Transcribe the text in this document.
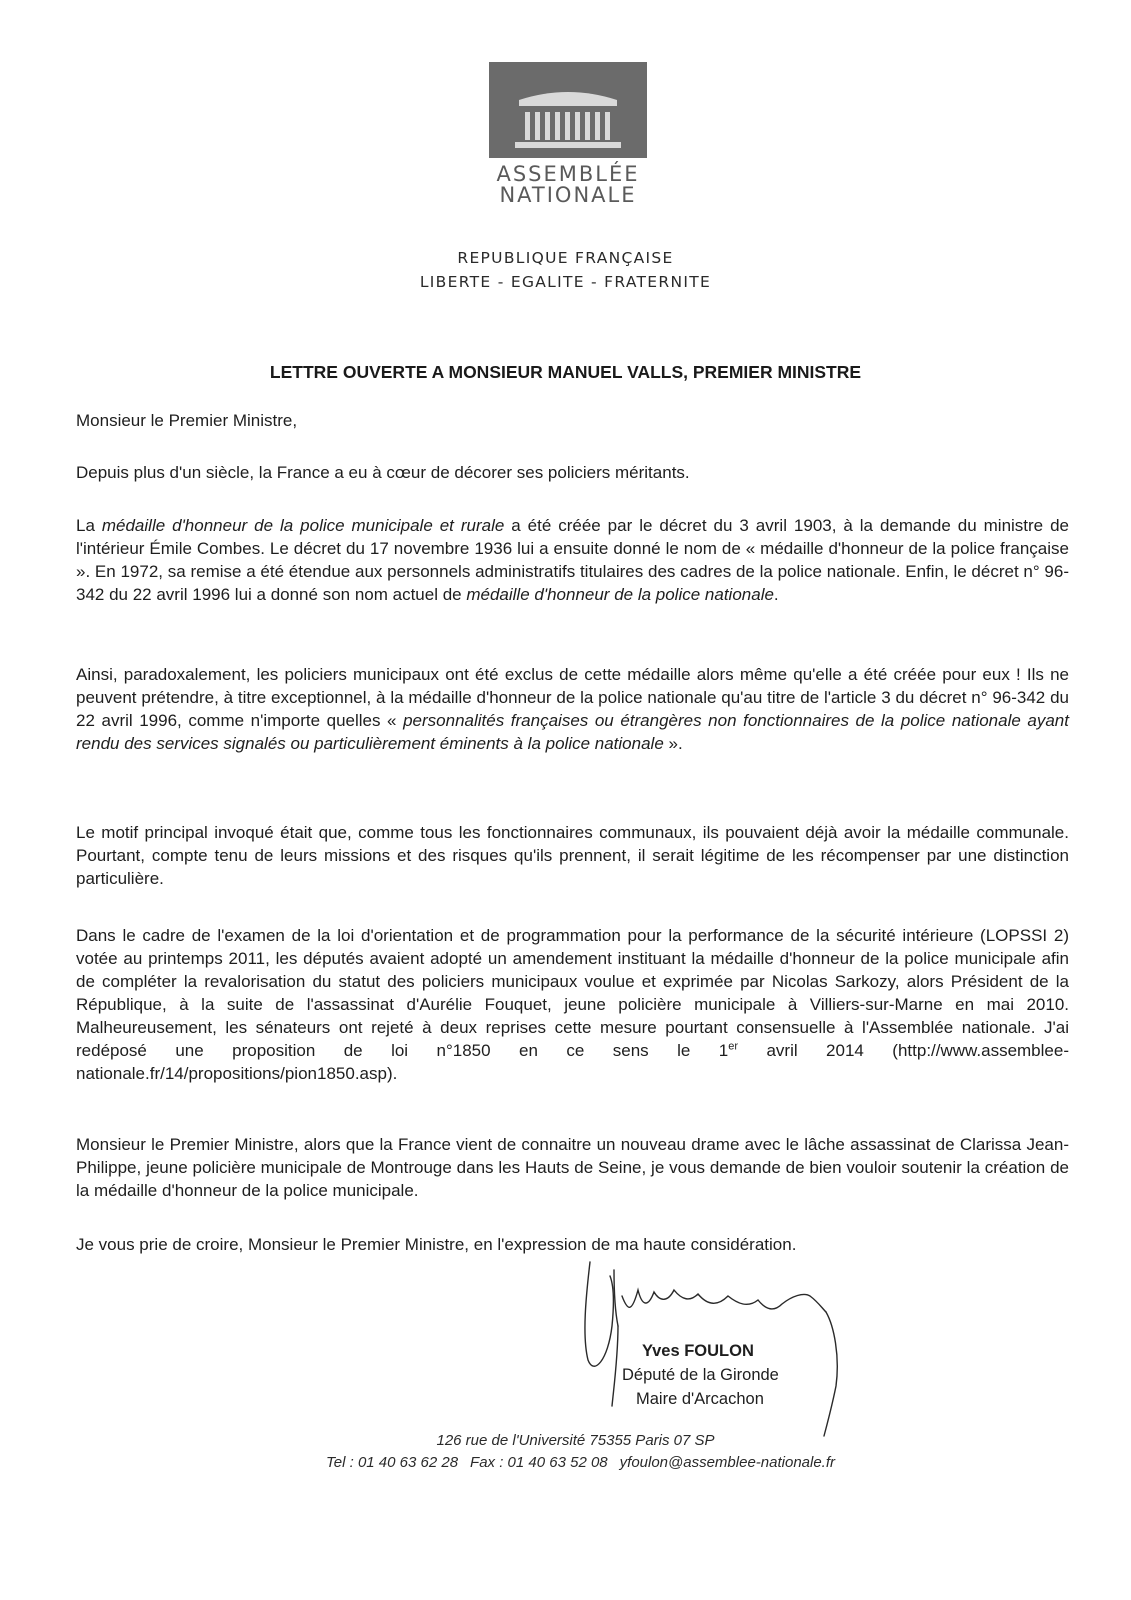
ASSEMBLÉE
NATIONALE
REPUBLIQUE FRANÇAISE
LIBERTE - EGALITE - FRATERNITE
LETTRE OUVERTE A MONSIEUR MANUEL VALLS, PREMIER MINISTRE
Monsieur le Premier Ministre,
Depuis plus d'un siècle, la France a eu à cœur de décorer ses policiers méritants.

La médaille d'honneur de la police municipale et rurale a été créée par le décret du 3 avril 1903, à la demande du ministre de l'intérieur Émile Combes. Le décret du 17 novembre 1936 lui a ensuite donné le nom de « médaille d'honneur de la police française ». En 1972, sa remise a été étendue aux personnels administratifs titulaires des cadres de la police nationale. Enfin, le décret n° 96-342 du 22 avril 1996 lui a donné son nom actuel de médaille d'honneur de la police nationale.

Ainsi, paradoxalement, les policiers municipaux ont été exclus de cette médaille alors même qu'elle a été créée pour eux ! Ils ne peuvent prétendre, à titre exceptionnel, à la médaille d'honneur de la police nationale qu'au titre de l'article 3 du décret n° 96-342 du 22 avril 1996, comme n'importe quelles « personnalités françaises ou étrangères non fonctionnaires de la police nationale ayant rendu des services signalés ou particulièrement éminents à la police nationale ».

Le motif principal invoqué était que, comme tous les fonctionnaires communaux, ils pouvaient déjà avoir la médaille communale. Pourtant, compte tenu de leurs missions et des risques qu'ils prennent, il serait légitime de les récompenser par une distinction particulière.

Dans le cadre de l'examen de la loi d'orientation et de programmation pour la performance de la sécurité intérieure (LOPSSI 2) votée au printemps 2011, les députés avaient adopté un amendement instituant la médaille d'honneur de la police municipale afin de compléter la revalorisation du statut des policiers municipaux voulue et exprimée par Nicolas Sarkozy, alors Président de la République, à la suite de l'assassinat d'Aurélie Fouquet, jeune policière municipale à Villiers-sur-Marne en mai 2010. Malheureusement, les sénateurs ont rejeté à deux reprises cette mesure pourtant consensuelle à l'Assemblée nationale. J'ai redéposé une proposition de loi n°1850 en ce sens le 1er avril 2014 (http://www.assemblee-nationale.fr/14/propositions/pion1850.asp).

Monsieur le Premier Ministre, alors que la France vient de connaitre un nouveau drame avec le lâche assassinat de Clarissa Jean-Philippe, jeune policière municipale de Montrouge dans les Hauts de Seine, je vous demande de bien vouloir soutenir la création de la médaille d'honneur de la police municipale.
Je vous prie de croire, Monsieur le Premier Ministre, en l'expression de ma haute considération.
Yves FOULON
Député de la Gironde
Maire d'Arcachon
126 rue de l'Université 75355 Paris 07 SP
Tel : 01 40 63 62 28 Fax : 01 40 63 52 08 yfoulon@assemblee-nationale.fr
